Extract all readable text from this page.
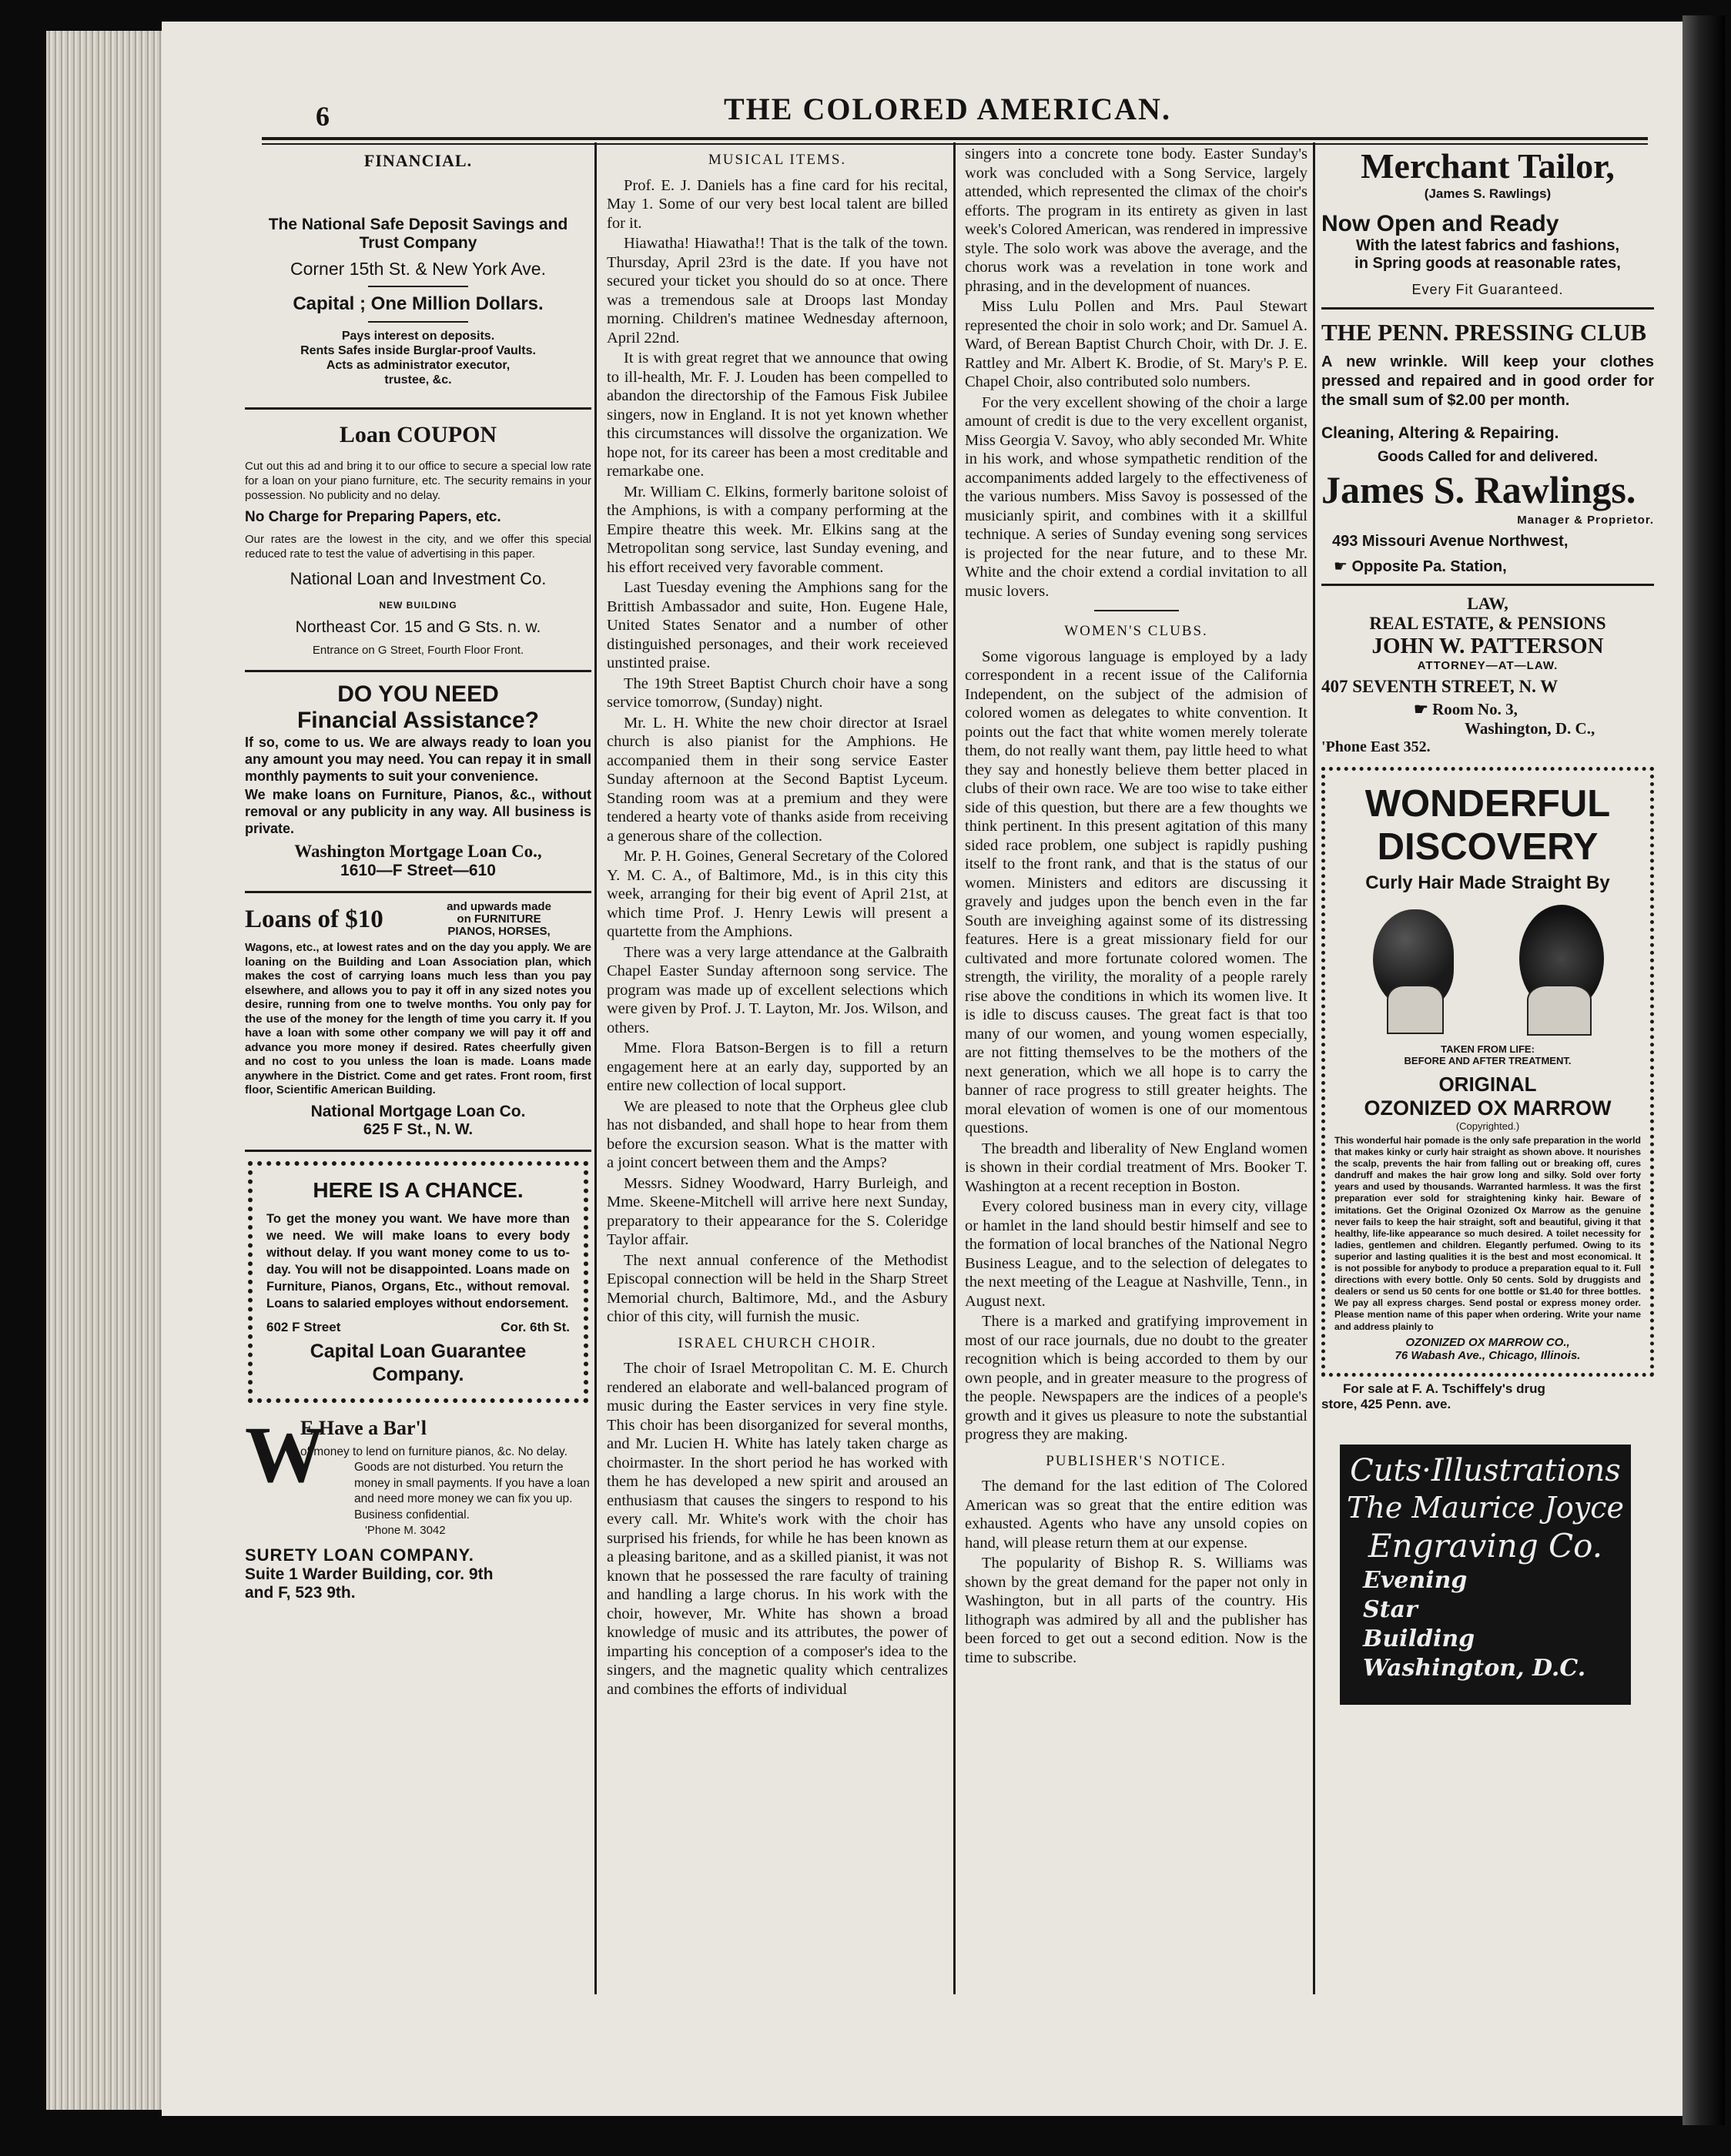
6	THE COLORED AMERICAN.
FINANCIAL.
The National Safe Deposit Savings and
Trust Company
Corner 15th St. & New York Ave.
Capital ; One Million Dollars.
Pays interest on deposits.
Rents Safes inside Burglar-proof Vaults.
Acts as administrator executor,
trustee, &c.
Loan COUPON
Cut out this ad and bring it to our office to secure a special low rate for a loan on your piano furniture, etc. The security remains in your possession. No publicity and no delay.
No Charge for Preparing Papers, etc.
Our rates are the lowest in the city, and we offer this special reduced rate to test the value of advertising in this paper.
National Loan and Investment Co.
NEW BUILDING
Northeast Cor. 15 and G Sts. n. w.
Entrance on G Street, Fourth Floor Front.
DO YOU NEED
Financial Assistance?
If so, come to us. We are always ready to loan you any amount you may need. You can repay it in small monthly payments to suit your convenience.
We make loans on Furniture, Pianos, &c., without removal or any publicity in any way. All business is private.
Washington Mortgage Loan Co.,
1610—F Street—610
Loans of $10	and upwards made
on FURNITURE
PIANOS, HORSES,
Wagons, etc., at lowest rates and on the day you apply. We are loaning on the Building and Loan Association plan, which makes the cost of carrying loans much less than you pay elsewhere, and allows you to pay it off in any sized notes you desire, running from one to twelve months. You only pay for the use of the money for the length of time you carry it. If you have a loan with some other company we will pay it off and advance you more money if desired. Rates cheerfully given and no cost to you unless the loan is made. Loans made anywhere in the District. Come and get rates. Front room, first floor, Scientific American Building.
National Mortgage Loan Co.
625 F St., N. W.
HERE IS A CHANCE.
To get the money you want. We have more than we need. We will make loans to every body without delay. If you want money come to us to-day. You will not be disappointed. Loans made on Furniture, Pianos, Organs, Etc., without removal. Loans to salaried employes without endorsement.
602 F Street	Cor. 6th St.
Capital Loan Guarantee Company.
W
E Have a Bar'l
of money to lend on furniture pianos, &c. No delay. Goods are not disturbed. You return the money in small payments. If you have a loan and need more money we can fix you up. Business confidential.
'Phone M. 3042
SURETY LOAN COMPANY.
Suite 1 Warder Building, cor. 9th
and F, 523 9th.
MUSICAL ITEMS.

Prof. E. J. Daniels has a fine card for his recital, May 1. Some of our very best local talent are billed for it.

Hiawatha! Hiawatha!! That is the talk of the town. Thursday, April 23rd is the date. If you have not secured your ticket you should do so at once. There was a tremendous sale at Droops last Monday morning. Children's matinee Wednesday afternoon, April 22nd.

It is with great regret that we announce that owing to ill-health, Mr. F. J. Louden has been compelled to abandon the directorship of the Famous Fisk Jubilee singers, now in England. It is not yet known whether this circumstances will dissolve the organization. We hope not, for its career has been a most creditable and remarkabe one.

Mr. William C. Elkins, formerly baritone soloist of the Amphions, is with a company performing at the Empire theatre this week. Mr. Elkins sang at the Metropolitan song service, last Sunday evening, and his effort received very favorable comment.

Last Tuesday evening the Amphions sang for the Brittish Ambassador and suite, Hon. Eugene Hale, United States Senator and a number of other distinguished personages, and their work receieved unstinted praise.

The 19th Street Baptist Church choir have a song service tomorrow, (Sunday) night.

Mr. L. H. White the new choir director at Israel church is also pianist for the Amphions. He accompanied them in their song service Easter Sunday afternoon at the Second Baptist Lyceum. Standing room was at a premium and they were tendered a hearty vote of thanks aside from receiving a generous share of the collection.

Mr. P. H. Goines, General Secretary of the Colored Y. M. C. A., of Baltimore, Md., is in this city this week, arranging for their big event of April 21st, at which time Prof. J. Henry Lewis will present a quartette from the Amphions.

There was a very large attendance at the Galbraith Chapel Easter Sunday afternoon song service. The program was made up of excellent selections which were given by Prof. J. T. Layton, Mr. Jos. Wilson, and others.

Mme. Flora Batson-Bergen is to fill a return engagement here at an early day, supported by an entire new collection of local support.

We are pleased to note that the Orpheus glee club has not disbanded, and shall hope to hear from them before the excursion season. What is the matter with a joint concert between them and the Amps?

Messrs. Sidney Woodward, Harry Burleigh, and Mme. Skeene-Mitchell will arrive here next Sunday, preparatory to their appearance for the S. Coleridge Taylor affair.

The next annual conference of the Methodist Episcopal connection will be held in the Sharp Street Memorial church, Baltimore, Md., and the Asbury chior of this city, will furnish the music.

ISRAEL CHURCH CHOIR.

The choir of Israel Metropolitan C. M. E. Church rendered an elaborate and well-balanced program of music during the Easter services in very fine style. This choir has been disorganized for several months, and Mr. Lucien H. White has lately taken charge as choirmaster. In the short period he has worked with them he has developed a new spirit and aroused an enthusiasm that causes the singers to respond to his every call. Mr. White's work with the choir has surprised his friends, for while he has been known as a pleasing baritone, and as a skilled pianist, it was not known that he possessed the rare faculty of training and handling a large chorus. In his work with the choir, however, Mr. White has shown a broad knowledge of music and its attributes, the power of imparting his conception of a composer's idea to the singers, and the magnetic quality which centralizes and combines the efforts of individual

singers into a concrete tone body. Easter Sunday's work was concluded with a Song Service, largely attended, which represented the climax of the choir's efforts. The program in its entirety as given in last week's Colored American, was rendered in impressive style. The solo work was above the average, and the chorus work was a revelation in tone work and phrasing, and in the development of nuances.

Miss Lulu Pollen and Mrs. Paul Stewart represented the choir in solo work; and Dr. Samuel A. Ward, of Berean Baptist Church Choir, with Dr. J. E. Rattley and Mr. Albert K. Brodie, of St. Mary's P. E. Chapel Choir, also contributed solo numbers.

For the very excellent showing of the choir a large amount of credit is due to the very excellent organist, Miss Georgia V. Savoy, who ably seconded Mr. White in his work, and whose sympathetic rendition of the accompaniments added largely to the effectiveness of the various numbers. Miss Savoy is possessed of the musicianly spirit, and combines with it a skillful technique. A series of Sunday evening song services is projected for the near future, and to these Mr. White and the choir extend a cordial invitation to all music lovers.

WOMEN'S CLUBS.

Some vigorous language is employed by a lady correspondent in a recent issue of the California Independent, on the subject of the admision of colored women as delegates to white convention. It points out the fact that white women merely tolerate them, do not really want them, pay little heed to what they say and honestly believe them better placed in clubs of their own race. We are too wise to take either side of this question, but there are a few thoughts we think pertinent. In this present agitation of this many sided race problem, one subject is rapidly pushing itself to the front rank, and that is the status of our women. Ministers and editors are discussing it gravely and judges upon the bench even in the far South are inveighing against some of its distressing features. Here is a great missionary field for our cultivated and more fortunate colored women. The strength, the virility, the morality of a people rarely rise above the conditions in which its women live. It is idle to discuss causes. The great fact is that too many of our women, and young women especially, are not fitting themselves to be the mothers of the next generation, which we all hope is to carry the banner of race progress to still greater heights. The moral elevation of women is one of our momentous questions.

The breadth and liberality of New England women is shown in their cordial treatment of Mrs. Booker T. Washington at a recent reception in Boston.

Every colored business man in every city, village or hamlet in the land should bestir himself and see to the formation of local branches of the National Negro Business League, and to the selection of delegates to the next meeting of the League at Nashville, Tenn., in August next.

There is a marked and gratifying improvement in most of our race journals, due no doubt to the greater recognition which is being accorded to them by our own people, and in greater measure to the progress of the people. Newspapers are the indices of a people's growth and it gives us pleasure to note the substantial progress they are making.

PUBLISHER'S NOTICE.

The demand for the last edition of The Colored American was so great that the entire edition was exhausted. Agents who have any unsold copies on hand, will please return them at our expense.

The popularity of Bishop R. S. Williams was shown by the great demand for the paper not only in Washington, but in all parts of the country. His lithograph was admired by all and the publisher has been forced to get out a second edition. Now is the time to subscribe.

Merchant Tailor,
(James S. Rawlings)
Now Open and Ready
With the latest fabrics and fashions,
in Spring goods at reasonable rates,
Every Fit Guaranteed.
THE PENN. PRESSING CLUB
A new wrinkle. Will keep your clothes pressed and repaired and in good order for the small sum of $2.00 per month.
Cleaning, Altering & Repairing.
Goods Called for and delivered.
James S. Rawlings.
Manager & Proprietor.
493 Missouri Avenue Northwest,
☛ Opposite Pa. Station,
LAW,
REAL ESTATE, & PENSIONS
JOHN W. PATTERSON
ATTORNEY—AT—LAW.
407 SEVENTH STREET, N. W
☛ Room No. 3,
Washington, D. C.,
'Phone East 352.
WONDERFUL
DISCOVERY
Curly Hair Made Straight By
TAKEN FROM LIFE:
BEFORE AND AFTER TREATMENT.
ORIGINAL
OZONIZED OX MARROW
(Copyrighted.)
This wonderful hair pomade is the only safe preparation in the world that makes kinky or curly hair straight as shown above. It nourishes the scalp, prevents the hair from falling out or breaking off, cures dandruff and makes the hair grow long and silky. Sold over forty years and used by thousands. Warranted harmless. It was the first preparation ever sold for straightening kinky hair. Beware of imitations. Get the Original Ozonized Ox Marrow as the genuine never fails to keep the hair straight, soft and beautiful, giving it that healthy, life-like appearance so much desired. A toilet necessity for ladies, gentlemen and children. Elegantly perfumed. Owing to its superior and lasting qualities it is the best and most economical. It is not possible for anybody to produce a preparation equal to it. Full directions with every bottle. Only 50 cents. Sold by druggists and dealers or send us 50 cents for one bottle or $1.40 for three bottles. We pay all express charges. Send postal or express money order. Please mention name of this paper when ordering. Write your name and address plainly to
OZONIZED OX MARROW CO.,
76 Wabash Ave., Chicago, Illinois.
For sale at F. A. Tschiffely's drug
store, 425 Penn. ave.
Cuts·Illustrations
The Maurice Joyce
Engraving Co.
Evening
Star
Building
Washington, D.C.
